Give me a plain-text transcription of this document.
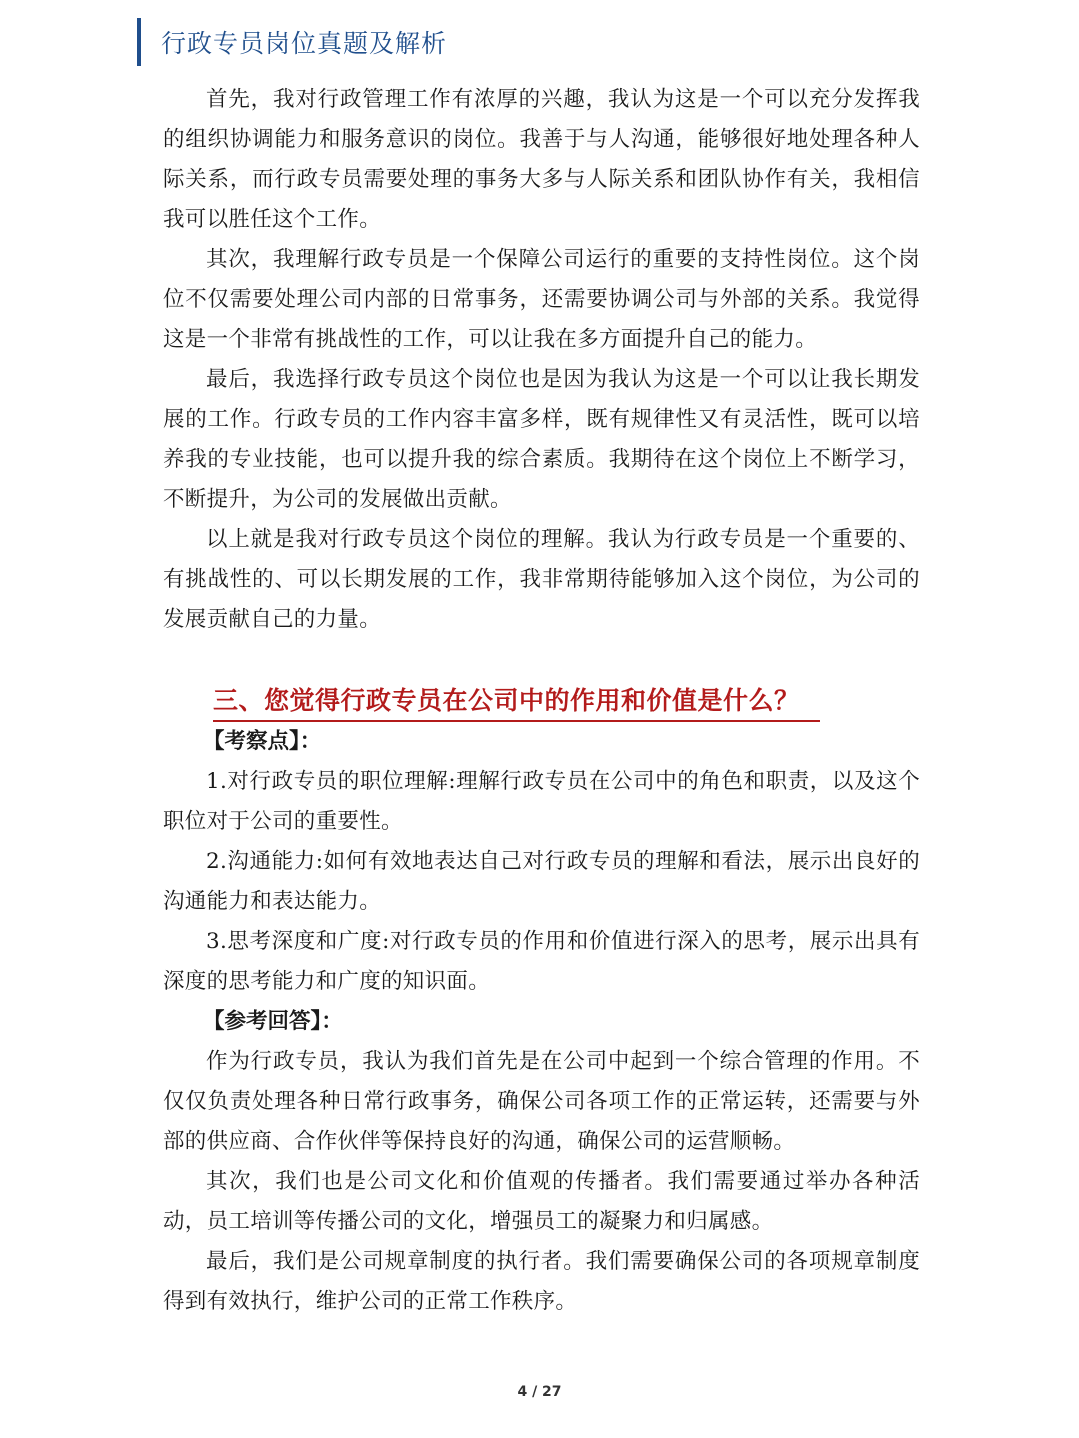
行政专员岗位真题及解析

首先，我对行政管理工作有浓厚的兴趣，我认为这是一个可以充分发挥我的组织协调能力和服务意识的岗位。我善于与人沟通，能够很好地处理各种人际关系，而行政专员需要处理的事务大多与人际关系和团队协作有关，我相信我可以胜任这个工作。

其次，我理解行政专员是一个保障公司运行的重要的支持性岗位。这个岗位不仅需要处理公司内部的日常事务，还需要协调公司与外部的关系。我觉得这是一个非常有挑战性的工作，可以让我在多方面提升自己的能力。

最后，我选择行政专员这个岗位也是因为我认为这是一个可以让我长期发展的工作。行政专员的工作内容丰富多样，既有规律性又有灵活性，既可以培养我的专业技能，也可以提升我的综合素质。我期待在这个岗位上不断学习，不断提升，为公司的发展做出贡献。

以上就是我对行政专员这个岗位的理解。我认为行政专员是一个重要的、有挑战性的、可以长期发展的工作，我非常期待能够加入这个岗位，为公司的发展贡献自己的力量。

三、您觉得行政专员在公司中的作用和价值是什么？

【考察点】：

1.对行政专员的职位理解:理解行政专员在公司中的角色和职责，以及这个职位对于公司的重要性。

2.沟通能力:如何有效地表达自己对行政专员的理解和看法，展示出良好的沟通能力和表达能力。

3.思考深度和广度:对行政专员的作用和价值进行深入的思考，展示出具有深度的思考能力和广度的知识面。

【参考回答】：

作为行政专员，我认为我们首先是在公司中起到一个综合管理的作用。不仅仅负责处理各种日常行政事务，确保公司各项工作的正常运转，还需要与外部的供应商、合作伙伴等保持良好的沟通，确保公司的运营顺畅。

其次，我们也是公司文化和价值观的传播者。我们需要通过举办各种活动，员工培训等传播公司的文化，增强员工的凝聚力和归属感。

最后，我们是公司规章制度的执行者。我们需要确保公司的各项规章制度得到有效执行，维护公司的正常工作秩序。

4 / 27
